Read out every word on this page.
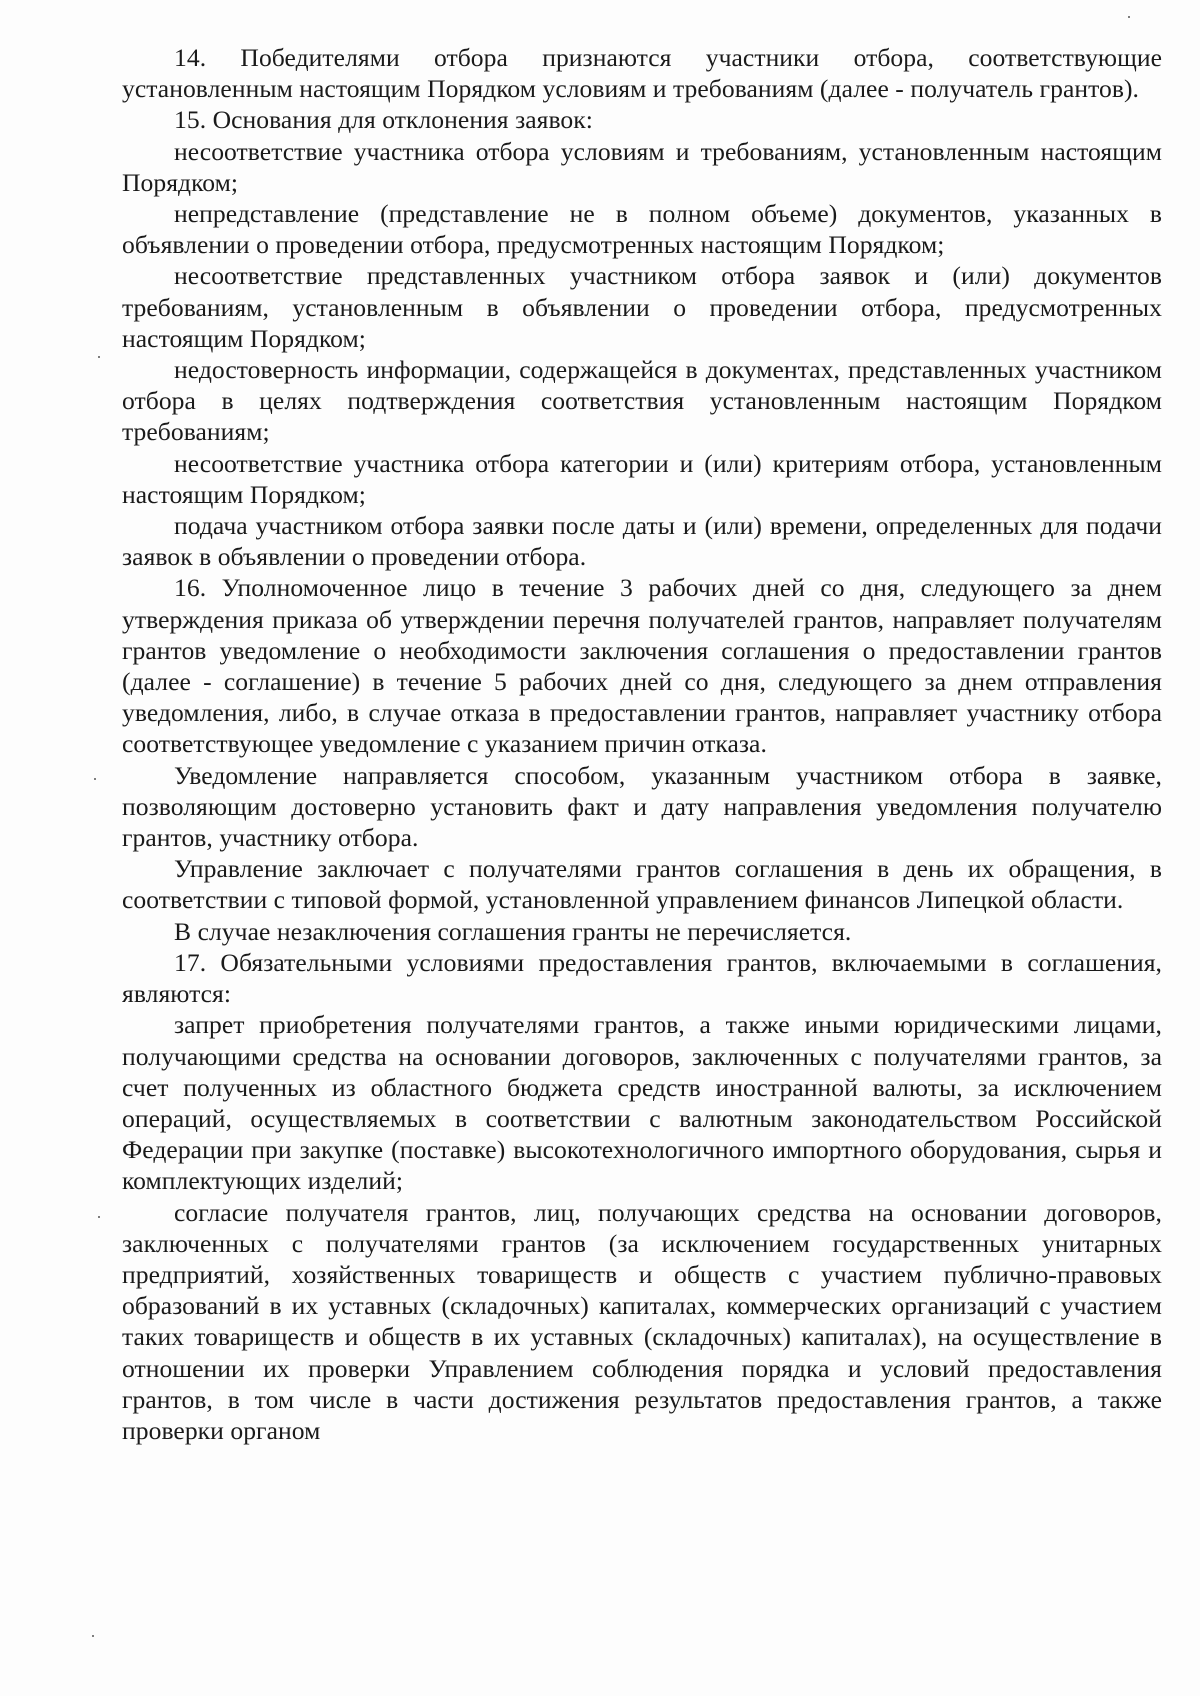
14. Победителями отбора признаются участники отбора, соответствующие установленным настоящим Порядком условиям и требованиям (далее - получатель грантов).

15. Основания для отклонения заявок:

несоответствие участника отбора условиям и требованиям, установленным настоящим Порядком;

непредставление (представление не в полном объеме) документов, указанных в объявлении о проведении отбора, предусмотренных настоящим Порядком;

несоответствие представленных участником отбора заявок и (или) документов требованиям, установленным в объявлении о проведении отбора, предусмотренных настоящим Порядком;

недостоверность информации, содержащейся в документах, представленных участником отбора в целях подтверждения соответствия установленным настоящим Порядком требованиям;

несоответствие участника отбора категории и (или) критериям отбора, установленным настоящим Порядком;

подача участником отбора заявки после даты и (или) времени, определенных для подачи заявок в объявлении о проведении отбора.

16. Уполномоченное лицо в течение 3 рабочих дней со дня, следующего за днем утверждения приказа об утверждении перечня получателей грантов, направляет получателям грантов уведомление о необходимости заключения соглашения о предоставлении грантов (далее - соглашение) в течение 5 рабочих дней со дня, следующего за днем отправления уведомления, либо, в случае отказа в предоставлении грантов, направляет участнику отбора соответствующее уведомление с указанием причин отказа.

Уведомление направляется способом, указанным участником отбора в заявке, позволяющим достоверно установить факт и дату направления уведомления получателю грантов, участнику отбора.

Управление заключает с получателями грантов соглашения в день их обращения, в соответствии с типовой формой, установленной управлением финансов Липецкой области.

В случае незаключения соглашения гранты не перечисляется.

17. Обязательными условиями предоставления грантов, включаемыми в соглашения, являются:

запрет приобретения получателями грантов, а также иными юридическими лицами, получающими средства на основании договоров, заключенных с получателями грантов, за счет полученных из областного бюджета средств иностранной валюты, за исключением операций, осуществляемых в соответствии с валютным законодательством Российской Федерации при закупке (поставке) высокотехнологичного импортного оборудования, сырья и комплектующих изделий;

согласие получателя грантов, лиц, получающих средства на основании договоров, заключенных с получателями грантов (за исключением государственных унитарных предприятий, хозяйственных товариществ и обществ с участием публично-правовых образований в их уставных (складочных) капиталах, коммерческих организаций с участием таких товариществ и обществ в их уставных (складочных) капиталах), на осуществление в отношении их проверки Управлением соблюдения порядка и условий предоставления грантов, в том числе в части достижения результатов предоставления грантов, а также проверки органом
